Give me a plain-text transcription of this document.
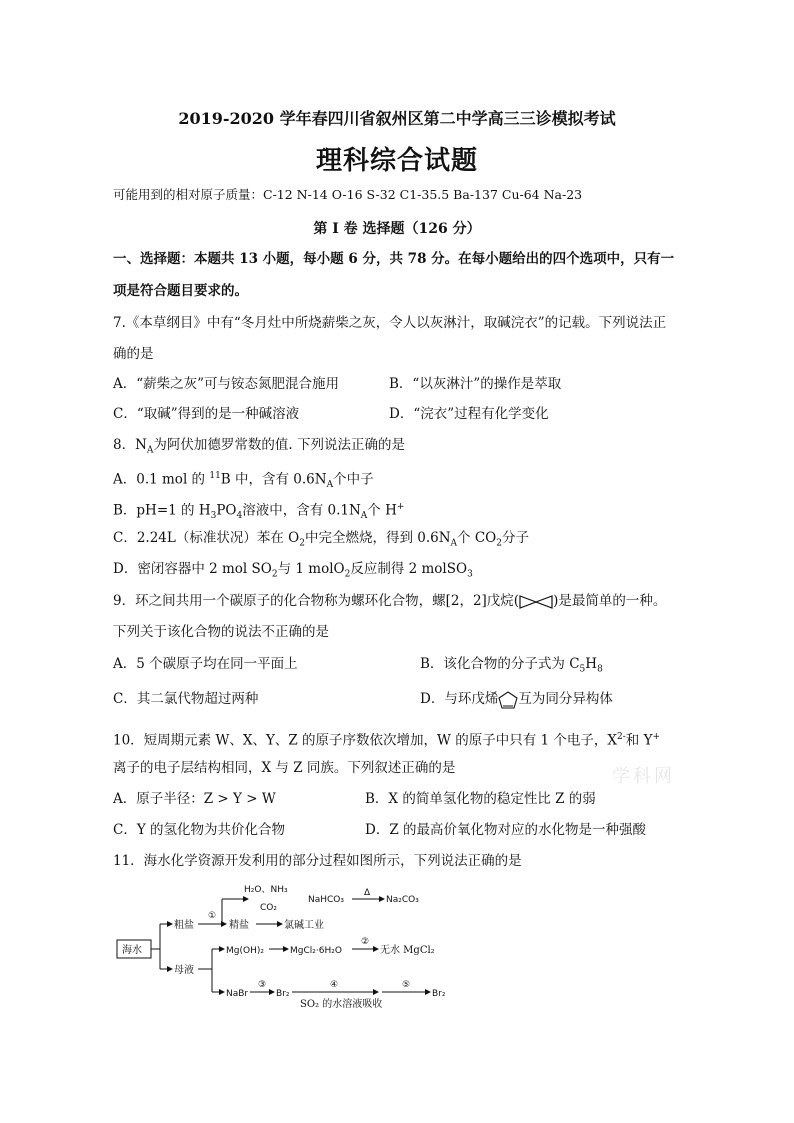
2019-2020 学年春四川省叙州区第二中学高三三诊模拟考试
理科综合试题
可能用到的相对原子质量：C-12 N-14 O-16 S-32 C1-35.5 Ba-137 Cu-64 Na-23
第 I 卷 选择题（126 分）
一、选择题：本题共 13 小题，每小题 6 分，共 78 分。在每小题给出的四个选项中，只有一
项是符合题目要求的。
7.《本草纲目》中有“冬月灶中所烧薪柴之灰，令人以灰淋汁，取碱浣衣”的记载。下列说法正
确的是
A．“薪柴之灰”可与铵态氮肥混合施用	B．“以灰淋汁”的操作是萃取
C．“取碱”得到的是一种碱溶液	D．“浣衣”过程有化学变化
8．$N_A$为阿伏加德罗常数的值. 下列说法正确的是
A．0.1 mol 的 $^{11}$B 中，含有 $0.6N_A$个中子
B．pH=1 的 $H_3PO_4$溶液中，含有 $0.1N_A$个 H+
C．2.24L（标准状况）苯在 $O_2$中完全燃烧，得到 $0.6N_A$个 $CO_2$分子
D．密闭容器中 2 mol $SO_2$与 1 molO$_2$反应制得 2 molSO$_3$
9．环之间共用一个碳原子的化合物称为螺环化合物，螺[2，2]戊烷(	)是最简单的一种。
下列关于该化合物的说法不正确的是
A．5 个碳原子均在同一平面上	B．该化合物的分子式为 $C_5H_8$
C．其二氯代物超过两种	D．与环戊烯 互为同分异构体
10．短周期元素 W、X、Y、Z 的原子序数依次增加，W 的原子中只有 1 个电子，$X^{2-}$和 Y+
离子的电子层结构相同，X 与 Z 同族。下列叙述正确的是
A．原子半径：Z > Y > W	B．X 的简单氢化物的稳定性比 Z 的弱
C．Y 的氢化物为共价化合物	D．Z 的最高价氧化物对应的水化物是一种强酸
11．海水化学资源开发利用的部分过程如图所示，下列说法正确的是
学科网
海水
粗盐
母液
①
精盐
H₂O、NH₃
CO₂
NaHCO₃
Δ
Na₂CO₃
氯碱工业
Mg(OH)₂	MgCl₂·6H₂O
②
无水 MgCl₂
NaBr
③
Br₂
④
SO₂ 的水溶液吸收
⑤
Br₂
